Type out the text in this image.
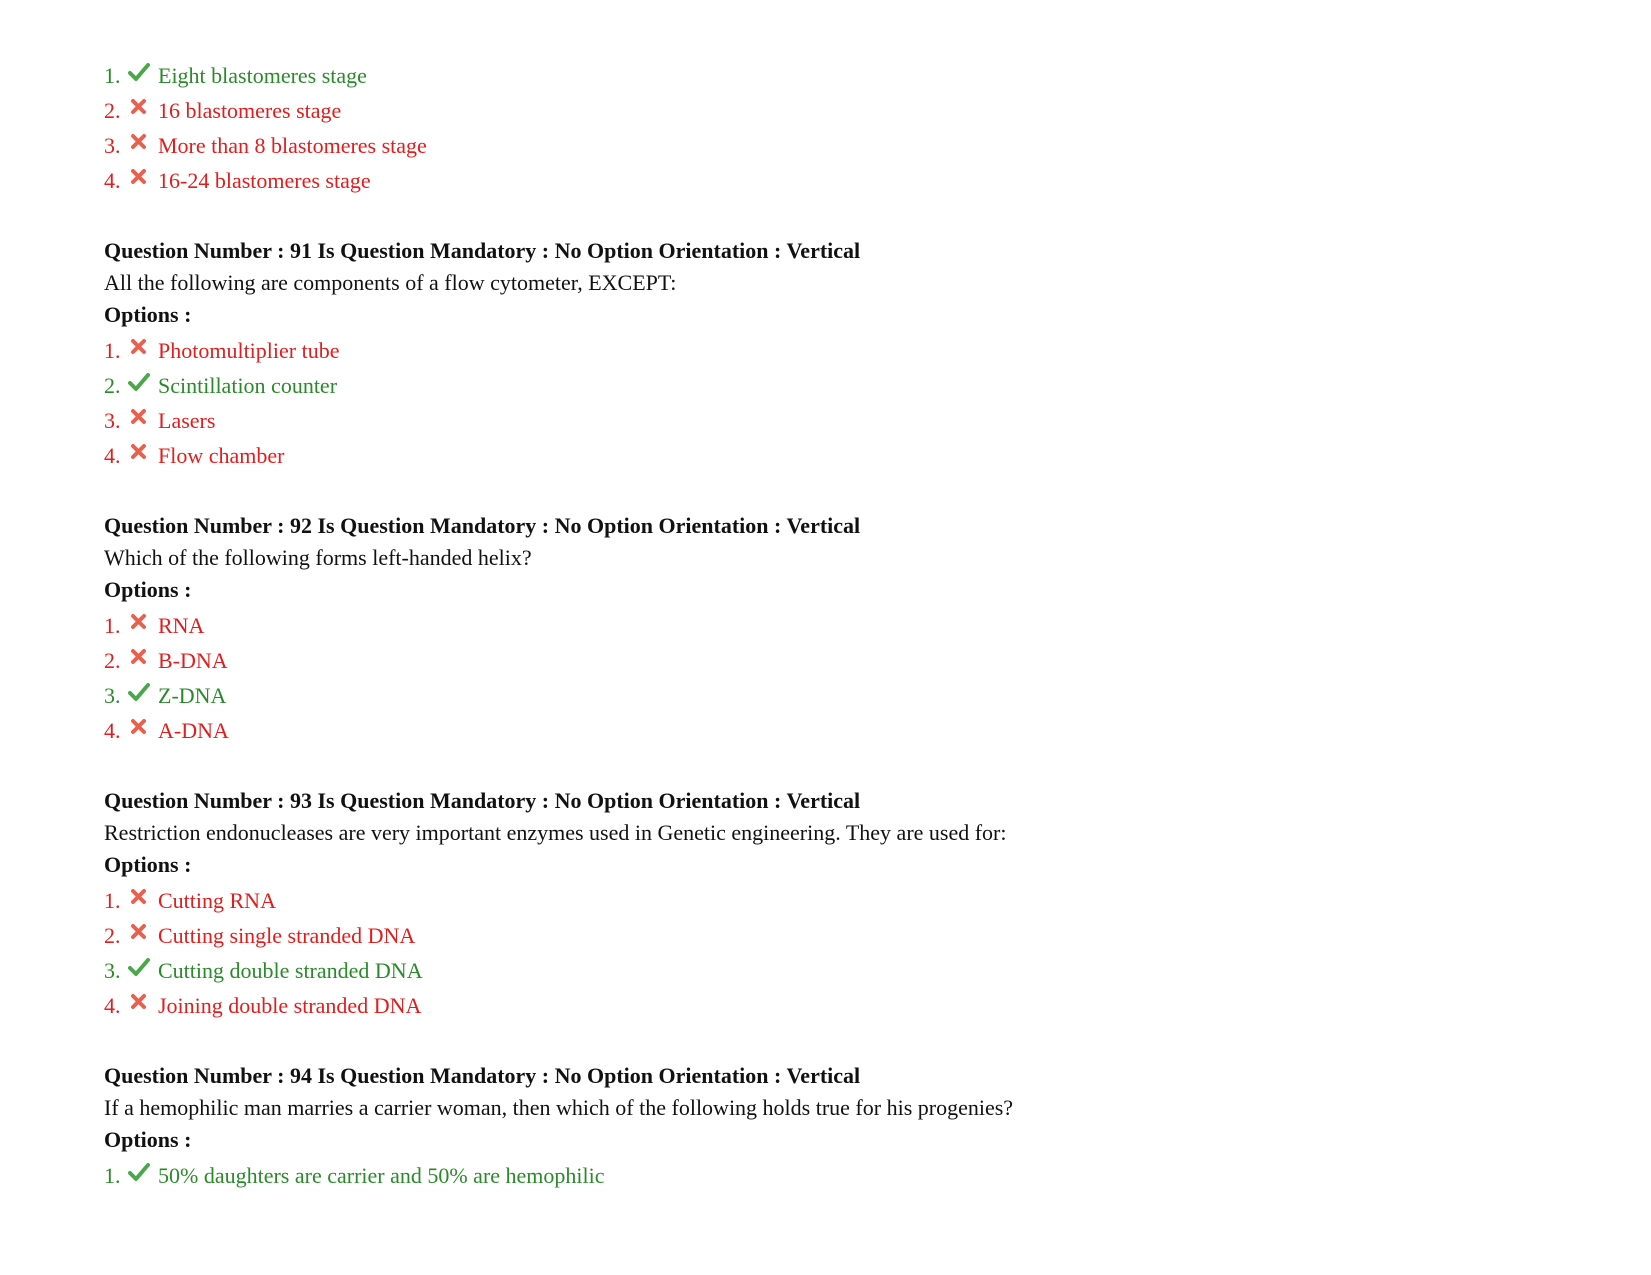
1.	Eight blastomeres stage
2.	16 blastomeres stage
3.	More than 8 blastomeres stage
4.	16-24 blastomeres stage
Question Number : 91 Is Question Mandatory : No Option Orientation : Vertical
All the following are components of a flow cytometer, EXCEPT:
Options :
1.	Photomultiplier tube
2.	Scintillation counter
3.	Lasers
4.	Flow chamber
Question Number : 92 Is Question Mandatory : No Option Orientation : Vertical
Which of the following forms left-handed helix?
Options :
1.	RNA
2.	B-DNA
3.	Z-DNA
4.	A-DNA
Question Number : 93 Is Question Mandatory : No Option Orientation : Vertical
Restriction endonucleases are very important enzymes used in Genetic engineering. They are used for:
Options :
1.	Cutting RNA
2.	Cutting single stranded DNA
3.	Cutting double stranded DNA
4.	Joining double stranded DNA
Question Number : 94 Is Question Mandatory : No Option Orientation : Vertical
If a hemophilic man marries a carrier woman, then which of the following holds true for his progenies?
Options :
1.	50% daughters are carrier and 50% are hemophilic
